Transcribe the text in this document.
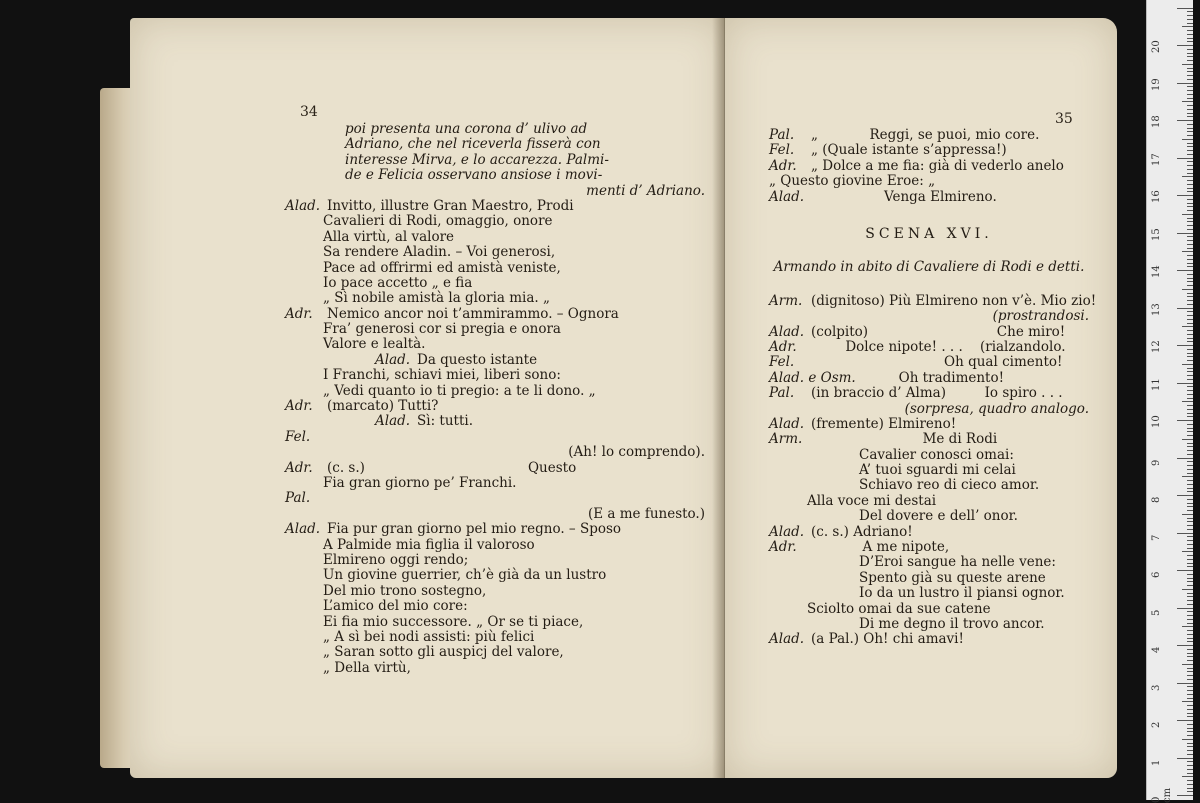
34
poi presenta una corona d’ ulivo ad
Adriano, che nel riceverla fisserà con
interesse Mirva, e lo accarezza. Palmi-
de e Felicia osservano ansiose i movi-
menti d’ Adriano.
Alad. Invitto, illustre Gran Maestro, Prodi
Cavalieri di Rodi, omaggio, onore
Alla virtù, al valore
Sa rendere Aladin. – Voi generosi,
Pace ad offrirmi ed amistà veniste,
Io pace accetto „ e fia
„ Sì nobile amistà la gloria mia. „
Adr. Nemico ancor noi t’ammirammo. – Ognora
Fra’ generosi cor si pregia e onora
Valore e lealtà.
Alad. Da questo istante
I Franchi, schiavi miei, liberi sono:
„ Vedi quanto io ti pregio: a te li dono. „
Adr. (marcato) Tutti?
Alad. Sì: tutti.
Fel.
(Ah! lo comprendo).
Adr. (c. s.)                                      Questo
Fia gran giorno pe’ Franchi.
Pal.
(E a me funesto.)
Alad. Fia pur gran giorno pel mio regno. – Sposo
A Palmide mia figlia il valoroso
Elmireno oggi rendo;
Un giovine guerrier, ch’è già da un lustro
Del mio trono sostegno,
L’amico del mio core:
Ei fia mio successore. „ Or se ti piace,
„ A sì bei nodi assisti: più felici
„ Saran sotto gli auspicj del valore,
„ Della virtù,
35
Pal. „            Reggi, se puoi, mio core.
Fel. „ (Quale istante s’appressa!)
Adr. „ Dolce a me fia: già di vederlo anelo
„ Questo giovine Eroe: „
Alad.                 Venga Elmireno.
SCENA XVI.
Armando in abito di Cavaliere di Rodi e detti.
Arm. (dignitoso) Più Elmireno non v’è. Mio zio!
(prostrandosi.
Alad. (colpito)                              Che miro!
Adr.        Dolce nipote! . . .    (rialzandolo.
Fel.                               Oh qual cimento!
Alad. e Osm.          Oh tradimento!
Pal. (in braccio d’ Alma)         Io spiro . . .
(sorpresa, quadro analogo.
Alad. (fremente) Elmireno!
Arm.                          Me di Rodi
Cavalier conosci omai:
A’ tuoi sguardi mi celai
Schiavo reo di cieco amor.
Alla voce mi destai
Del dovere e dell’ onor.
Alad. (c. s.) Adriano!
Adr.            A me nipote,
D’Eroi sangue ha nelle vene:
Spento già su queste arene
Io da un lustro il piansi ognor.
Sciolto omai da sue catene
Di me degno il trovo ancor.
Alad. (a Pal.) Oh! chi amavi!
0 cm
1
2
3
4
5
6
7
8
9
10
11
12
13
14
15
16
17
18
19
20
